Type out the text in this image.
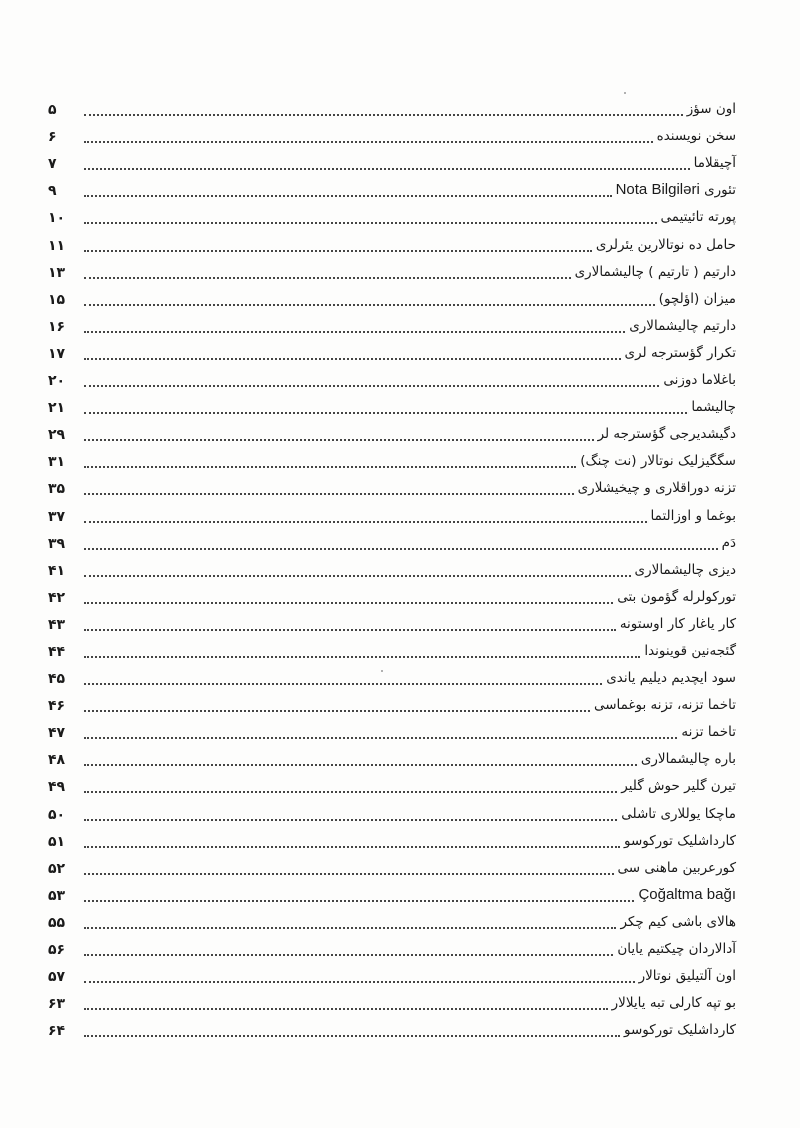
۵	اون سؤز
۶	سخن نویسنده
۷	آچیقلاما
۹	تئوری Nota Bilgiləri
۱۰	پورته تائیتیمی
۱۱	حامل ده نوتالارین یئرلری
۱۳	دارتیم ( تارتیم ) چالیشمالاری
۱۵	میزان (اؤلچو)
۱۶	دارتیم چالیشمالاری
۱۷	تکرار گؤسترجه لری
۲۰	باغلاما دوزنی
۲۱	چالیشما
۲۹	دگیشدیرجی گؤسترجه لر
۳۱	سگگیزلیک نوتالار (نت چنگ)
۳۵	تزنه دوراقلاری و چیخیشلاری
۳۷	بوغما و اوزالتما
۳۹	دَم
۴۱	دیزی چالیشمالاری
۴۲	تورکولرله گؤمون بتی
۴۳	کار یاغار کار اوستونه
۴۴	گئجه‌نین قوینوندا
۴۵	سود ایچدیم دیلیم یاندی
۴۶	تاخما تزنه، تزنه بوغماسی
۴۷	تاخما تزنه
۴۸	باره چالیشمالاری
۴۹	تیرن گلیر حوش گلیر
۵۰	ماچکا یوللاری تاشلی
۵۱	کارداشلیک تورکوسو
۵۲	کورعربین ماهنی سی
۵۳	Çoğaltma bağı
۵۵	هالای باشی کیم چکر
۵۶	آدالاردان چیکتیم یایان
۵۷	اون آلتیلیق نوتالار
۶۳	بو تپه کارلی تبه یایلالار
۶۴	کارداشلیک تورکوسو
